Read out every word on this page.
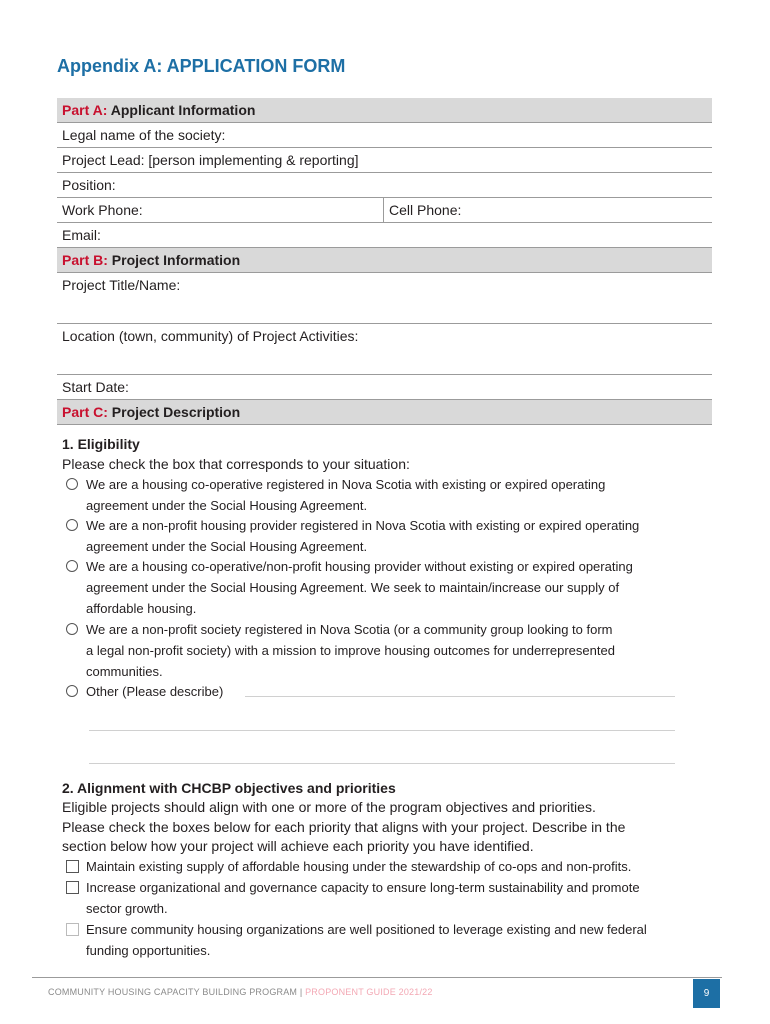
Appendix A: APPLICATION FORM
Part A: Applicant Information
Legal name of the society:
Project Lead: [person implementing & reporting]
Position:
Work Phone:	Cell Phone:
Email:
Part B: Project Information
Project Title/Name:
Location (town, community) of Project Activities:
Start Date:
Part C: Project Description
1. Eligibility
Please check the box that corresponds to your situation:
We are a housing co-operative registered in Nova Scotia with existing or expired operating
agreement under the Social Housing Agreement.
We are a non-profit housing provider registered in Nova Scotia with existing or expired operating
agreement under the Social Housing Agreement.
We are a housing co-operative/non-profit housing provider without existing or expired operating
agreement under the Social Housing Agreement. We seek to maintain/increase our supply of
affordable housing.
We are a non-profit society registered in Nova Scotia (or a community group looking to form
a legal non-profit society) with a mission to improve housing outcomes for underrepresented
communities.
Other (Please describe)
2. Alignment with CHCBP objectives and priorities
Eligible projects should align with one or more of the program objectives and priorities.
Please check the boxes below for each priority that aligns with your project. Describe in the
section below how your project will achieve each priority you have identified.
Maintain existing supply of affordable housing under the stewardship of co-ops and non-profits.
Increase organizational and governance capacity to ensure long-term sustainability and promote
sector growth.
Ensure community housing organizations are well positioned to leverage existing and new federal
funding opportunities.
COMMUNITY HOUSING CAPACITY BUILDING PROGRAM | PROPONENT GUIDE 2021/22	9
